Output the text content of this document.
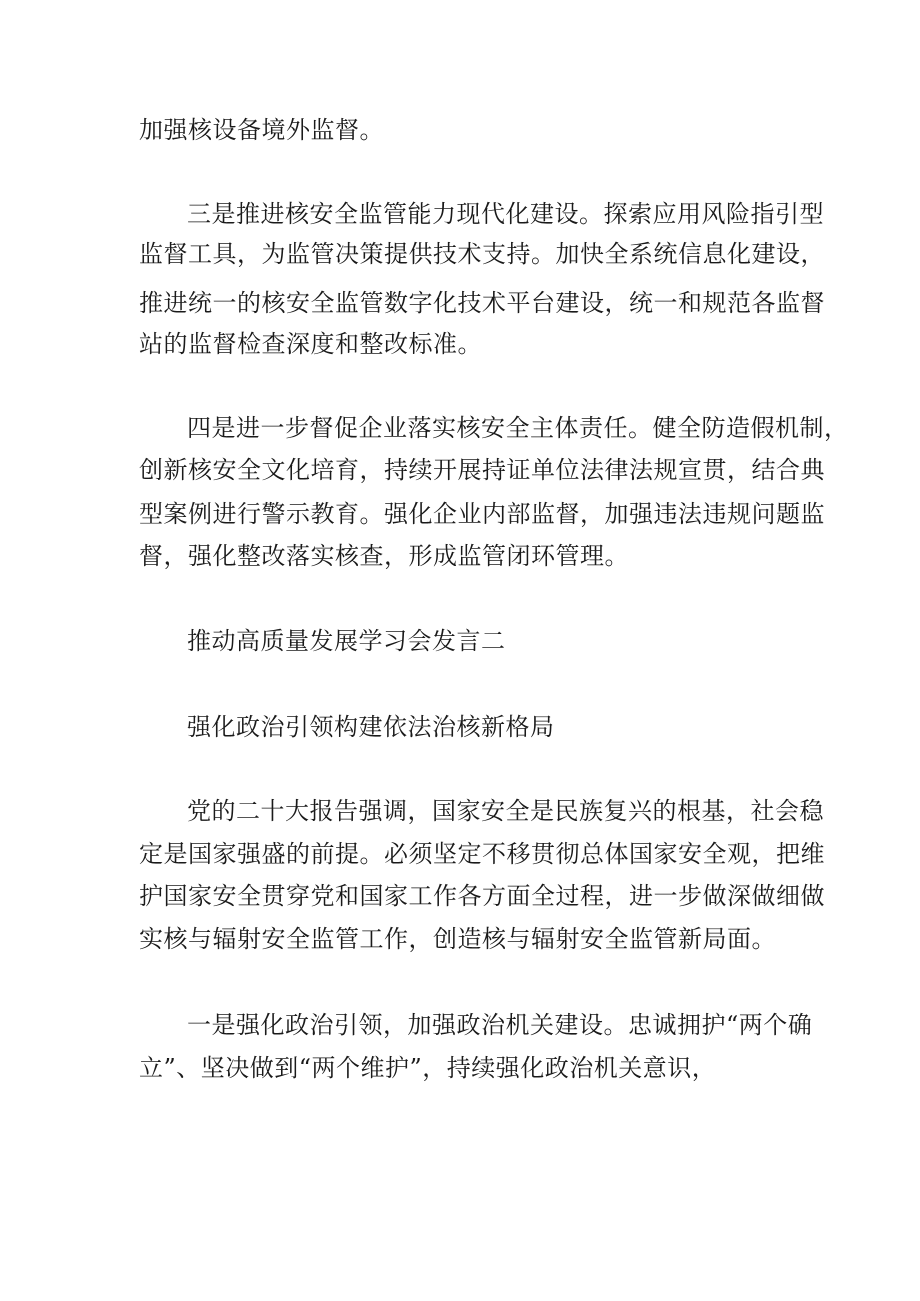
加强核设备境外监督。
三是推进核安全监管能力现代化建设。探索应用风险指引型
监督工具，为监管决策提供技术支持。加快全系统信息化建设，
推进统一的核安全监管数字化技术平台建设，统一和规范各监督
站的监督检查深度和整改标准。
四是进一步督促企业落实核安全主体责任。健全防造假机制，
创新核安全文化培育，持续开展持证单位法律法规宣贯，结合典
型案例进行警示教育。强化企业内部监督，加强违法违规问题监
督，强化整改落实核查，形成监管闭环管理。
推动高质量发展学习会发言二
强化政治引领构建依法治核新格局
党的二十大报告强调，国家安全是民族复兴的根基，社会稳
定是国家强盛的前提。必须坚定不移贯彻总体国家安全观，把维
护国家安全贯穿党和国家工作各方面全过程，进一步做深做细做
实核与辐射安全监管工作，创造核与辐射安全监管新局面。
一是强化政治引领，加强政治机关建设。忠诚拥护“两个确
立”、坚决做到“两个维护”，持续强化政治机关意识，
